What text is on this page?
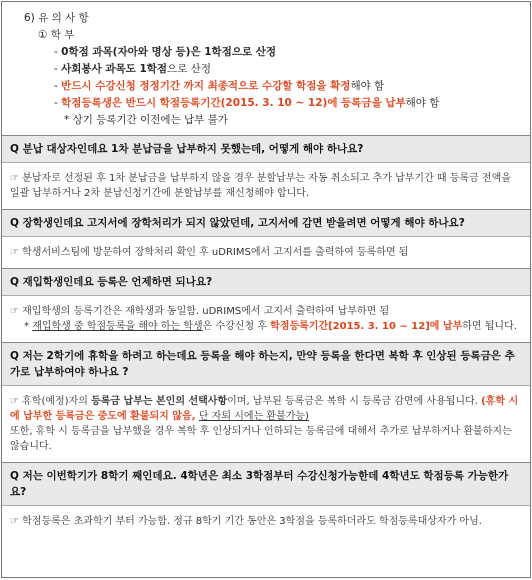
6) 유 의 사 항
① 학 부
- 0학점 과목(자아와 명상 등)은 1학점으로 산정
- 사회봉사 과목도 1학점으로 산정
- 반드시 수강신청 정정기간 까지 최종적으로 수강할 학점을 확정해야 함
- 학점등록생은 반드시 학점등록기간(2015. 3. 10 ~ 12)에 등록금을 납부해야 함
* 상기 등록기간 이전에는 납부 불가
Q 분납 대상자인데요 1차 분납금을 납부하지 못했는데, 어떻게 해야 하나요?
☞ 분납자로 선정된 후 1차 분납금을 납부하지 않을 경우 분할납부는 자동 취소되고 추가 납부기간 때 등록금 전액을 일괄 납부하거나 2차 분납신청기간에 분할납부를 재신청해야 합니다.
Q 장학생인데요 고지서에 장학처리가 되지 않았던데, 고지서에 감면 받을려면 어떻게 해야 하나요?
☞ 학생서비스팀에 방문하여 장학처리 확인 후 uDRIMS에서 고지서를 출력하여 등록하면 됨
Q 재입학생인데요 등록은 언제하면 되나요?
☞ 재입학생의 등록기간은 재학생과 동일함. uDRIMS에서 고지서 출력하여 납부하면 됨
* 재입학생 중 학점등록을 해야 하는 학생은 수강신청 후 학점등록기간[2015. 3. 10 ~ 12]에 납부하면 됩니다.
Q 저는 2학기에 휴학을 하려고 하는데요 등록을 해야 하는지, 만약 등록을 한다면 복학 후 인상된 등록금은 추가로 납부하여야 하나요 ?
☞ 휴학(예정)자의 등록금 납부는 본인의 선택사항이며, 납부된 등록금은 복학 시 등록금 감면에 사용됩니다. (휴학 시에 납부한 등록금은 중도에 환불되지 않음, 단 자퇴 시에는 환불가능)
또한, 휴학 시 등록금을 납부했을 경우 복학 후 인상되거나 인하되는 등록금에 대해서 추가로 납부하거나 환불하지는 않습니다.
Q 저는 이번학기가 8학기 째인데요. 4학년은 최소 3학점부터 수강신청가능한데 4학년도 학점등록 가능한가요?
☞ 학점등록은 초과학기 부터 가능함. 정규 8학기 기간 동안은 3학점을 등록하더라도 학점등록대상자가 아님.
